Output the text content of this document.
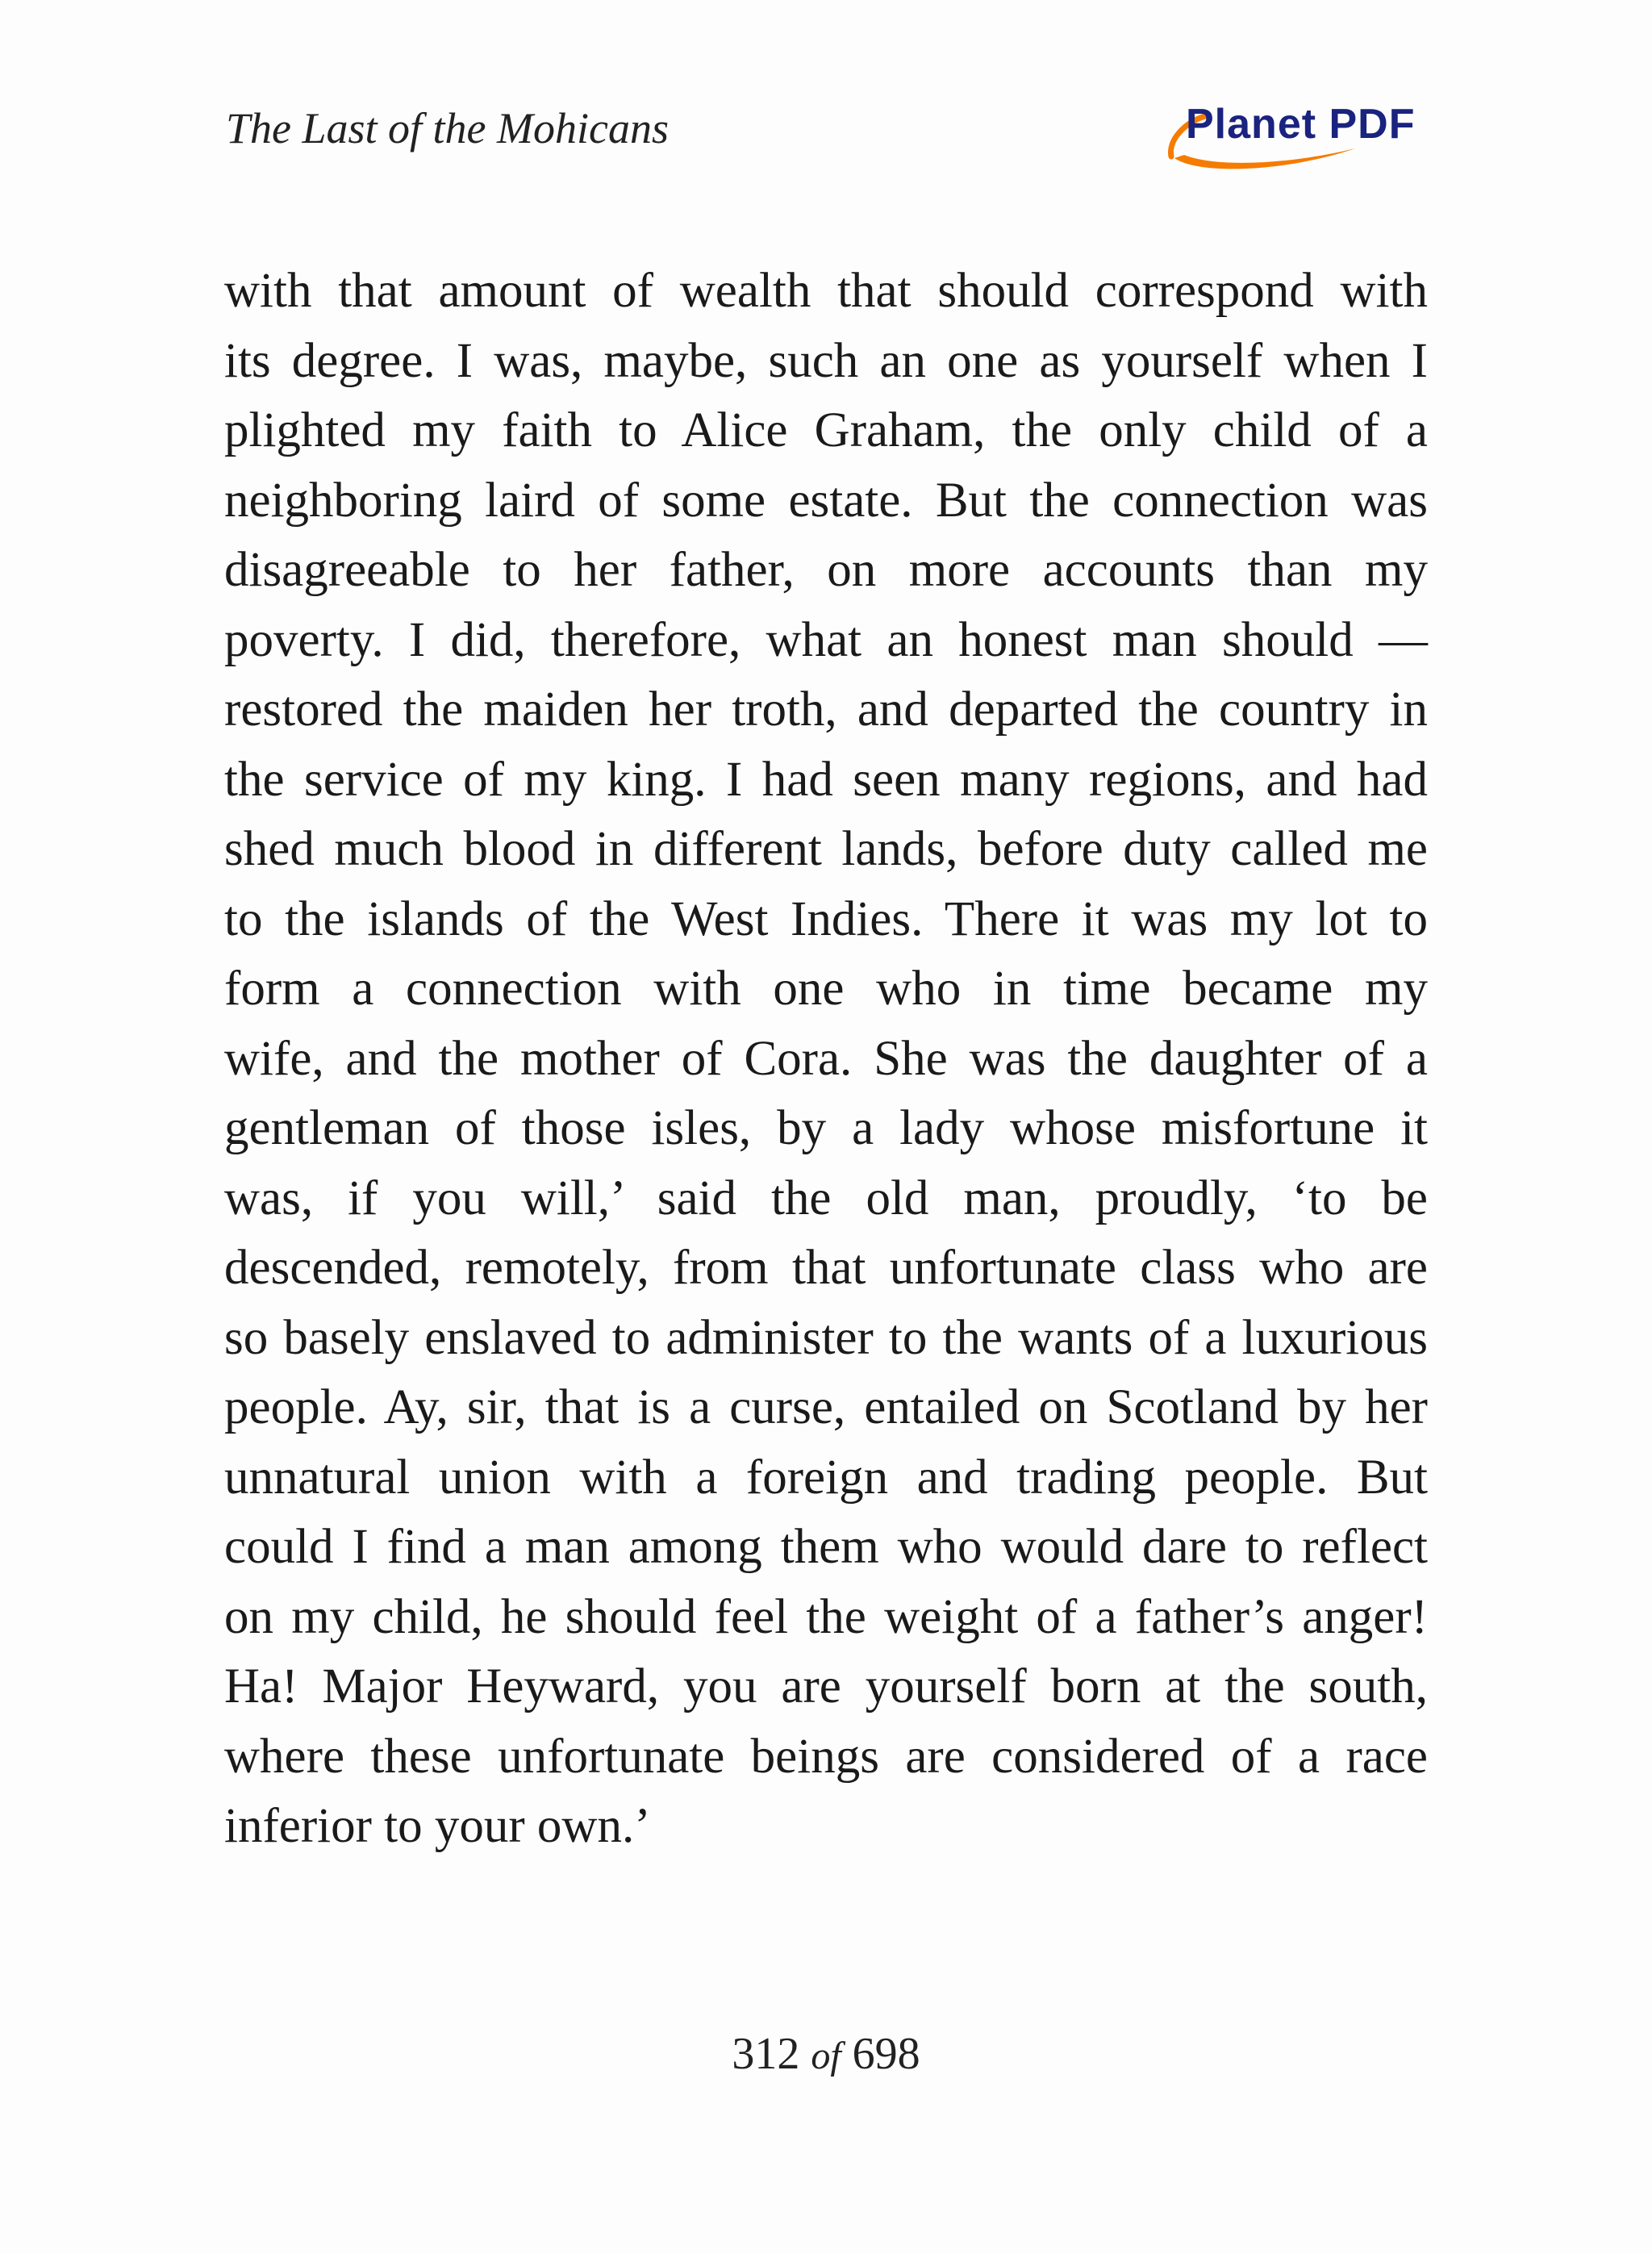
The Last of the Mohicans	Planet PDF
with that amount of wealth that should correspond with
its degree. I was, maybe, such an one as yourself when I
plighted my faith to Alice Graham, the only child of a
neighboring laird of some estate. But the connection was
disagreeable to her father, on more accounts than my
poverty. I did, therefore, what an honest man should —
restored the maiden her troth, and departed the country in
the service of my king. I had seen many regions, and had
shed much blood in different lands, before duty called me
to the islands of the West Indies. There it was my lot to
form a connection with one who in time became my
wife, and the mother of Cora. She was the daughter of a
gentleman of those isles, by a lady whose misfortune it
was, if you will,’ said the old man, proudly, ‘to be
descended, remotely, from that unfortunate class who are
so basely enslaved to administer to the wants of a luxurious
people. Ay, sir, that is a curse, entailed on Scotland by her
unnatural union with a foreign and trading people. But
could I find a man among them who would dare to reflect
on my child, he should feel the weight of a father’s anger!
Ha! Major Heyward, you are yourself born at the south,
where these unfortunate beings are considered of a race
inferior to your own.’
312 of 698
